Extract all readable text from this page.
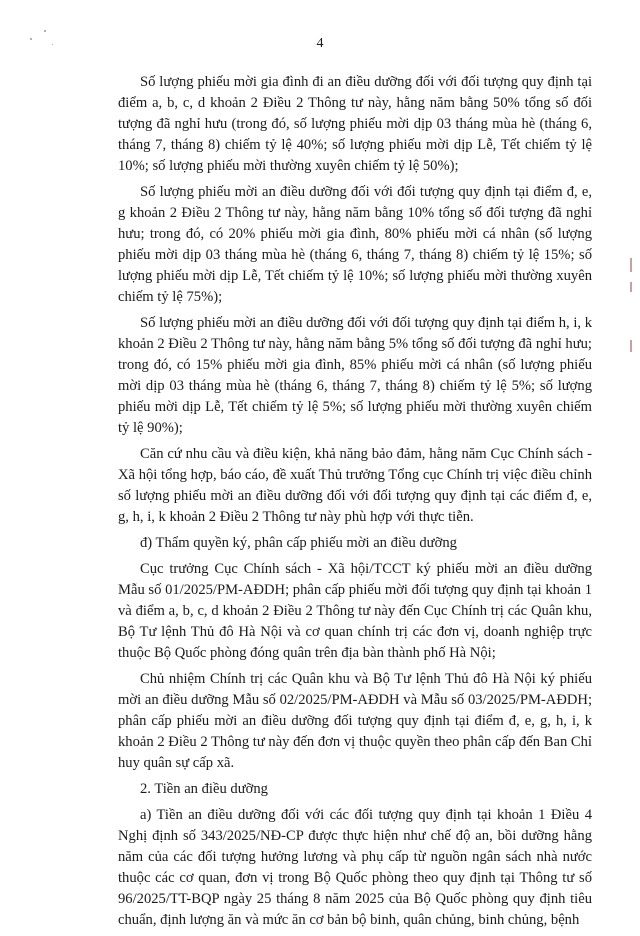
4

Số lượng phiếu mời gia đình đi an điều dưỡng đối với đối tượng quy định tại điểm a, b, c, d khoản 2 Điều 2 Thông tư này, hằng năm bằng 50% tổng số đối tượng đã nghỉ hưu (trong đó, số lượng phiếu mời dịp 03 tháng mùa hè (tháng 6, tháng 7, tháng 8) chiếm tỷ lệ 40%; số lượng phiếu mời dịp Lễ, Tết chiếm tỷ lệ 10%; số lượng phiếu mời thường xuyên chiếm tỷ lệ 50%);

Số lượng phiếu mời an điều dưỡng đối với đối tượng quy định tại điểm đ, e, g khoản 2 Điều 2 Thông tư này, hằng năm bằng 10% tổng số đối tượng đã nghỉ hưu; trong đó, có 20% phiếu mời gia đình, 80% phiếu mời cá nhân (số lượng phiếu mời dịp 03 tháng mùa hè (tháng 6, tháng 7, tháng 8) chiếm tỷ lệ 15%; số lượng phiếu mời dịp Lễ, Tết chiếm tỷ lệ 10%; số lượng phiếu mời thường xuyên chiếm tỷ lệ 75%);

Số lượng phiếu mời an điều dưỡng đối với đối tượng quy định tại điểm h, i, k khoản 2 Điều 2 Thông tư này, hằng năm bằng 5% tổng số đối tượng đã nghỉ hưu; trong đó, có 15% phiếu mời gia đình, 85% phiếu mời cá nhân (số lượng phiếu mời dịp 03 tháng mùa hè (tháng 6, tháng 7, tháng 8) chiếm tỷ lệ 5%; số lượng phiếu mời dịp Lễ, Tết chiếm tỷ lệ 5%; số lượng phiếu mời thường xuyên chiếm tỷ lệ 90%);

Căn cứ nhu cầu và điều kiện, khả năng bảo đảm, hằng năm Cục Chính sách - Xã hội tổng hợp, báo cáo, đề xuất Thủ trưởng Tổng cục Chính trị việc điều chỉnh số lượng phiếu mời an điều dưỡng đối với đối tượng quy định tại các điểm đ, e, g, h, i, k khoản 2 Điều 2 Thông tư này phù hợp với thực tiễn.

đ) Thẩm quyền ký, phân cấp phiếu mời an điều dưỡng

Cục trưởng Cục Chính sách - Xã hội/TCCT ký phiếu mời an điều dưỡng Mẫu số 01/2025/PM-AĐDH; phân cấp phiếu mời đối tượng quy định tại khoản 1 và điểm a, b, c, d khoản 2 Điều 2 Thông tư này đến Cục Chính trị các Quân khu, Bộ Tư lệnh Thủ đô Hà Nội và cơ quan chính trị các đơn vị, doanh nghiệp trực thuộc Bộ Quốc phòng đóng quân trên địa bàn thành phố Hà Nội;

Chủ nhiệm Chính trị các Quân khu và Bộ Tư lệnh Thủ đô Hà Nội ký phiếu mời an điều dưỡng Mẫu số 02/2025/PM-AĐDH và Mẫu số 03/2025/PM-AĐDH; phân cấp phiếu mời an điều dưỡng đối tượng quy định tại điểm đ, e, g, h, i, k khoản 2 Điều 2 Thông tư này đến đơn vị thuộc quyền theo phân cấp đến Ban Chỉ huy quân sự cấp xã.

2. Tiền an điều dưỡng

a) Tiền an điều dưỡng đối với các đối tượng quy định tại khoản 1 Điều 4 Nghị định số 343/2025/NĐ-CP được thực hiện như chế độ an, bồi dưỡng hằng năm của các đối tượng hưởng lương và phụ cấp từ nguồn ngân sách nhà nước thuộc các cơ quan, đơn vị trong Bộ Quốc phòng theo quy định tại Thông tư số 96/2025/TT-BQP ngày 25 tháng 8 năm 2025 của Bộ Quốc phòng quy định tiêu chuẩn, định lượng ăn và mức ăn cơ bản bộ binh, quân chủng, binh chủng, bệnh
